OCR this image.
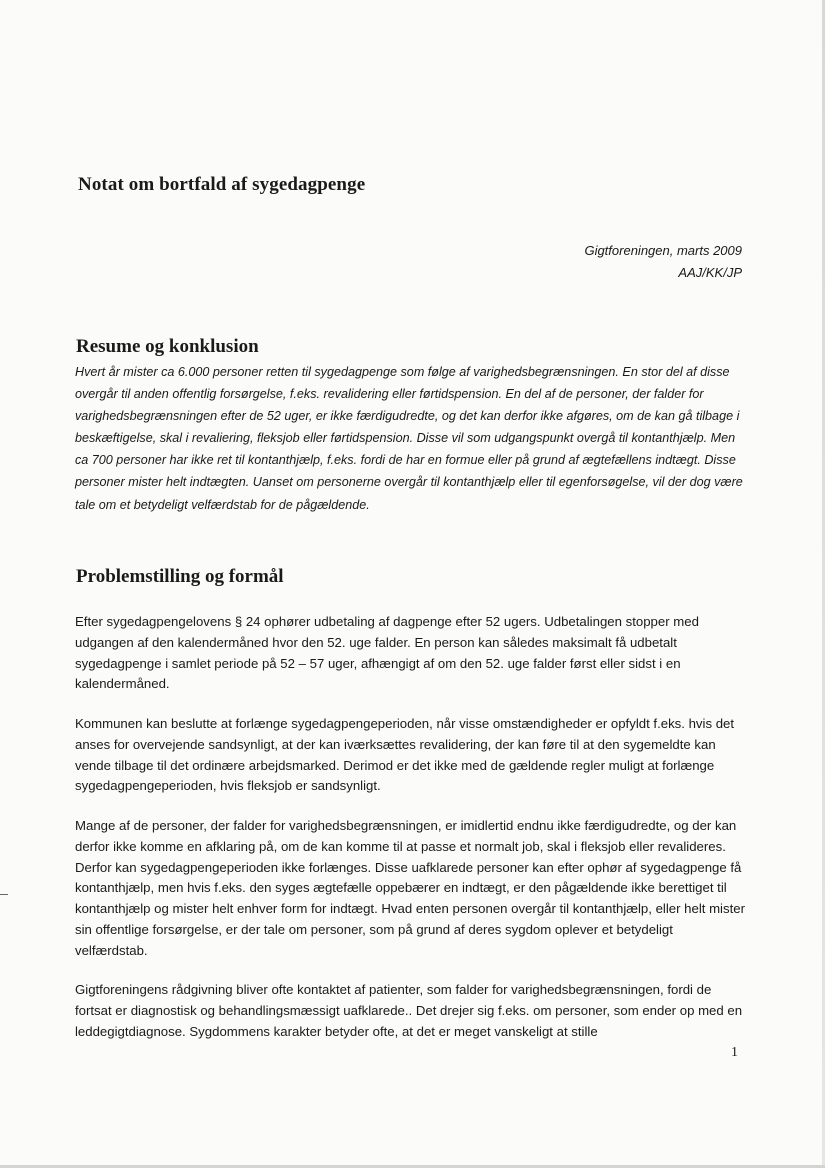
Notat om bortfald af sygedagpenge
Gigtforeningen, marts 2009
AAJ/KK/JP
Resume og konklusion
Hvert år mister ca 6.000 personer retten til sygedagpenge som følge af varighedsbegrænsningen. En stor del af disse overgår til anden offentlig forsørgelse, f.eks. revalidering eller førtidspension. En del af de personer, der falder for varighedsbegrænsningen efter de 52 uger, er ikke færdigudredte, og det kan derfor ikke afgøres, om de kan gå tilbage i beskæftigelse, skal i revaliering, fleksjob eller førtidspension. Disse vil som udgangspunkt overgå til kontanthjælp. Men ca 700 personer har ikke ret til kontanthjælp, f.eks. fordi de har en formue eller på grund af ægtefællens indtægt. Disse personer mister helt indtægten. Uanset om personerne overgår til kontanthjælp eller til egenforsøgelse, vil der dog være tale om et betydeligt velfærdstab for de pågældende.
Problemstilling og formål
Efter sygedagpengelovens § 24 ophører udbetaling af dagpenge efter 52 ugers. Udbetalingen stopper med udgangen af den kalendermåned hvor den 52. uge falder. En person kan således maksimalt få udbetalt sygedagpenge i samlet periode på 52 – 57 uger, afhængigt af om den 52. uge falder først eller sidst i en kalendermåned.
Kommunen kan beslutte at forlænge sygedagpengeperioden, når visse omstændigheder er opfyldt f.eks. hvis det anses for overvejende sandsynligt, at der kan iværksættes revalidering, der kan føre til at den sygemeldte kan vende tilbage til det ordinære arbejdsmarked. Derimod er det ikke med de gældende regler muligt at forlænge sygedagpengeperioden, hvis fleksjob er sandsynligt.
Mange af de personer, der falder for varighedsbegrænsningen, er imidlertid endnu ikke færdigudredte, og der kan derfor ikke komme en afklaring på, om de kan komme til at passe et normalt job, skal i fleksjob eller revalideres. Derfor kan sygedagpengeperioden ikke forlænges. Disse uafklarede personer kan efter ophør af sygedagpenge få kontanthjælp, men hvis f.eks. den syges ægtefælle oppebærer en indtægt, er den pågældende ikke berettiget til kontanthjælp og mister helt enhver form for indtægt. Hvad enten personen overgår til kontanthjælp, eller helt mister sin offentlige forsørgelse, er der tale om personer, som på grund af deres sygdom oplever et betydeligt velfærdstab.
Gigtforeningens rådgivning bliver ofte kontaktet af patienter, som falder for varighedsbegrænsningen, fordi de fortsat er diagnostisk og behandlingsmæssigt uafklarede.. Det drejer sig f.eks. om personer, som ender op med en leddegigtdiagnose. Sygdommens karakter betyder ofte, at det er meget vanskeligt at stille
1
